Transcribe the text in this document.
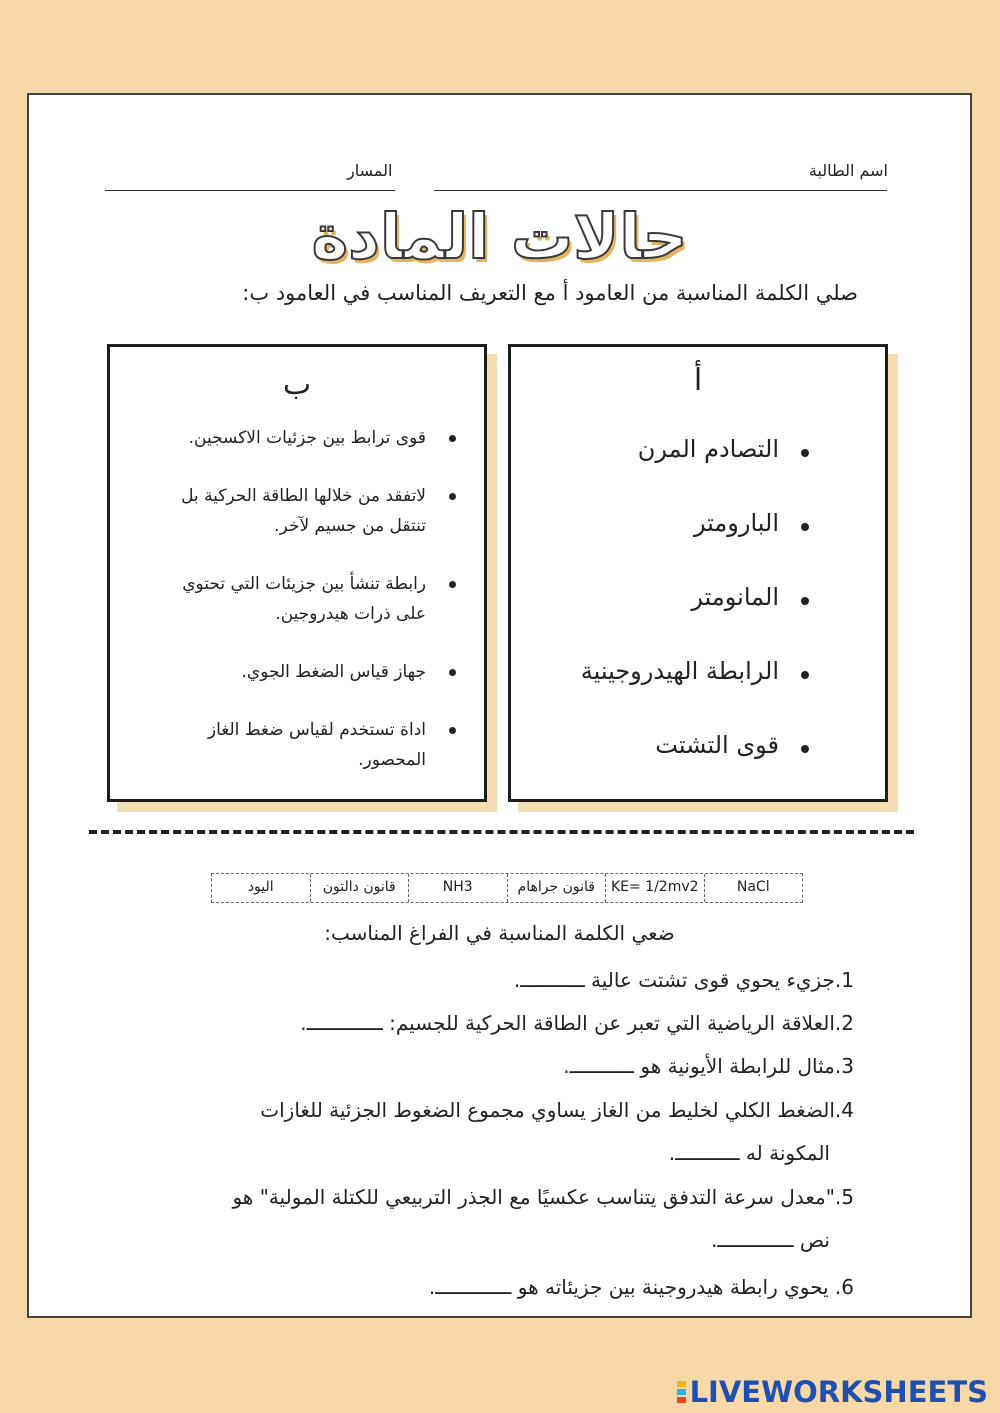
اسم الطالبة
المسار
حالات المادة
صلي الكلمة المناسبة من العامود أ مع التعريف المناسب في العامود ب:
أ
التصادم المرن
البارومتر
المانومتر
الرابطة الهيدروجينية
قوى التشتت
ب
قوى ترابط بين جزئيات الاكسجين.
لاتفقد من خلالها الطاقة الحركية بل
تنتقل من جسيم لآخر.
رابطة تنشأ بين جزيئات التي تحتوي
على ذرات هيدروجين.
جهاز قياس الضغط الجوي.
اداة تستخدم لقياس ضغط الغاز
المحصور.
NaCl
KE= 1/2mv2
قانون جراهام
NH3
قانون دالتون
اليود
ضعي الكلمة المناسبة في الفراغ المناسب:
1.جزيء يحوي قوى تشتت عالية ـــــــــــ.
2.العلاقة الرياضية التي تعبر عن الطاقة الحركية للجسيم: ـــــــــــــ.
3.مثال للرابطة الأيونية هو ـــــــــــ.
4.الضغط الكلي لخليط من الغاز يساوي مجموع الضغوط الجزئية للغازات
المكونة له ـــــــــــ.
5."معدل سرعة التدفق يتناسب عكسيًا مع الجذر التربيعي للكتلة المولية" هو
نص ـــــــــــــ.
6. يحوي رابطة هيدروجينة بين جزيئاته هو ـــــــــــــ.
LIVEWORKSHEETS
